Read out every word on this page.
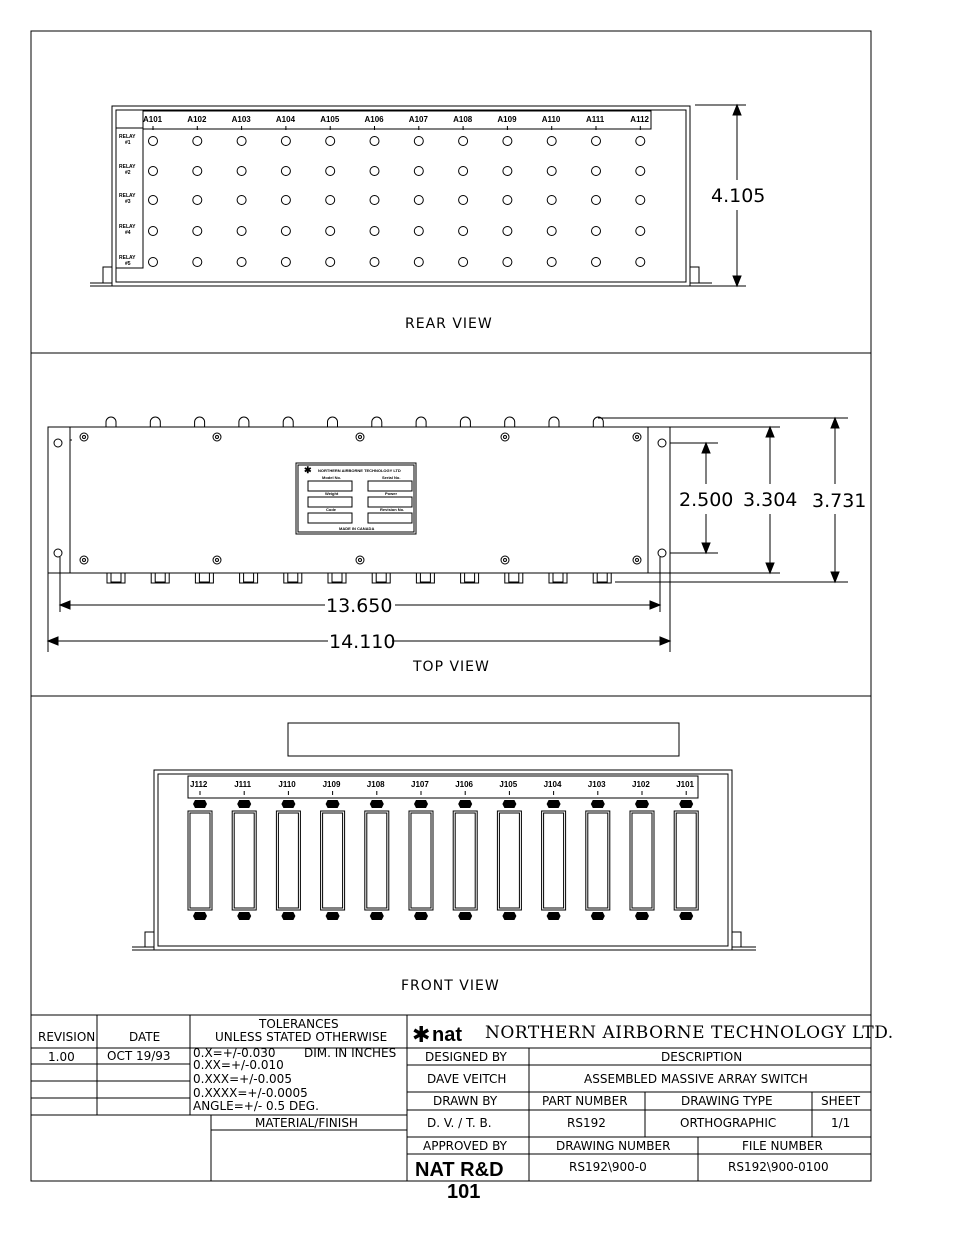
A101	A102	A103	A104	A105	A106	A107	A108	A109	A110	A111	A112
RELAY
#1
RELAY
#2
RELAY
#3
RELAY
#4
RELAY
#5
4.105
REAR VIEW
✱ NORTHERN AIRBORNE TECHNOLOGY LTD
Model No.	Serial No.
Weight	Power
Code	Revision No.
MADE IN CANADA
2.500 3.304 3.731
13.650
14.110
TOP VIEW
J112	J111	J110	J109	J108	J107	J106	J105	J104	J103	J102	J101
FRONT VIEW
REVISION	DATE
TOLERANCES
UNLESS STATED OTHERWISE
1.00	OCT 19/93 0.X=+/-0.030 DIM. IN INCHES
0.XX=+/-0.010
0.XXX=+/-0.005
0.XXXX=+/-0.0005
ANGLE=+/- 0.5 DEG.
MATERIAL/FINISH
✱ nat NORTHERN AIRBORNE TECHNOLOGY LTD.
DESIGNED BY	DESCRIPTION
DAVE VEITCH	ASSEMBLED MASSIVE ARRAY SWITCH
DRAWN BY	PART NUMBER	DRAWING TYPE	SHEET
D. V. / T. B.	RS192	ORTHOGRAPHIC	1/1
APPROVED BY	DRAWING NUMBER	FILE NUMBER
NAT R&D	RS192\900-0	RS192\900-0100
101
